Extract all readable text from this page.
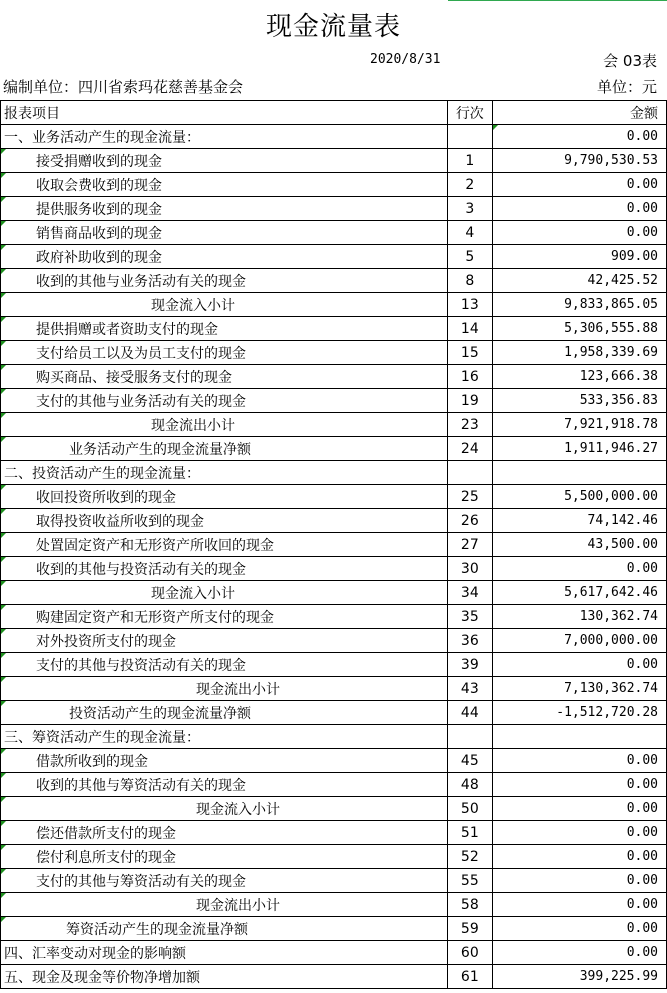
现金流量表
2020/8/31	会 03表
编制单位：四川省索玛花慈善基金会	单位：元
报表项目	行次	金额
一、业务活动产生的现金流量：		0.00
接受捐赠收到的现金	1	9,790,530.53
收取会费收到的现金	2	0.00
提供服务收到的现金	3	0.00
销售商品收到的现金	4	0.00
政府补助收到的现金	5	909.00
收到的其他与业务活动有关的现金	8	42,425.52
现金流入小计	13	9,833,865.05
提供捐赠或者资助支付的现金	14	5,306,555.88
支付给员工以及为员工支付的现金	15	1,958,339.69
购买商品、接受服务支付的现金	16	123,666.38
支付的其他与业务活动有关的现金	19	533,356.83
现金流出小计	23	7,921,918.78
业务活动产生的现金流量净额	24	1,911,946.27
二、投资活动产生的现金流量：		
收回投资所收到的现金	25	5,500,000.00
取得投资收益所收到的现金	26	74,142.46
处置固定资产和无形资产所收回的现金	27	43,500.00
收到的其他与投资活动有关的现金	30	0.00
现金流入小计	34	5,617,642.46
购建固定资产和无形资产所支付的现金	35	130,362.74
对外投资所支付的现金	36	7,000,000.00
支付的其他与投资活动有关的现金	39	0.00
现金流出小计	43	7,130,362.74
投资活动产生的现金流量净额	44	-1,512,720.28
三、筹资活动产生的现金流量：		
借款所收到的现金	45	0.00
收到的其他与筹资活动有关的现金	48	0.00
现金流入小计	50	0.00
偿还借款所支付的现金	51	0.00
偿付利息所支付的现金	52	0.00
支付的其他与筹资活动有关的现金	55	0.00
现金流出小计	58	0.00
筹资活动产生的现金流量净额	59	0.00
四、汇率变动对现金的影响额	60	0.00
五、现金及现金等价物净增加额	61	399,225.99
